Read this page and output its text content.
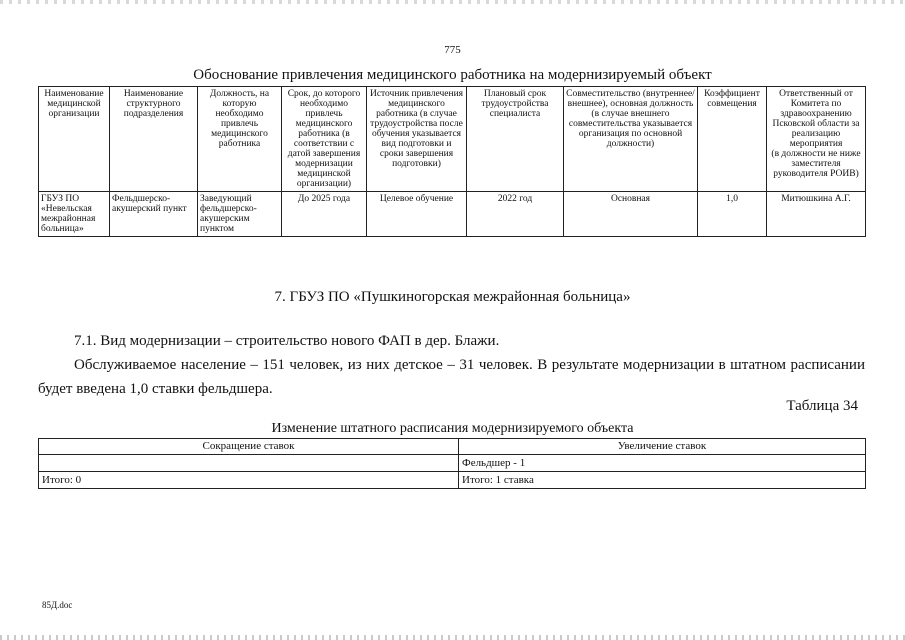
775
Обоснование привлечения медицинского работника на модернизируемый объект
Наименование медицинской организации	Наименование структурного подразделения	Должность, на которую необходимо привлечь медицинского работника	Срок, до которого необходимо привлечь медицинского работника (в соответствии с датой завершения модернизации медицинской организации)	Источник привлечения медицинского работника (в случае трудоустройства после обучения указывается вид подготовки и сроки завершения подготовки)	Плановый срок трудоустройства специалиста	Совместительство (внутреннее/внешнее), основная должность (в случае внешнего совместительства указывается организация по основной должности)	Коэффициент совмещения	Ответственный от Комитета по здравоохранению Псковской области за реализацию мероприятия
(в должности не ниже заместителя руководителя РОИВ)

ГБУЗ ПО «Невельская межрайонная больница»	Фельдшерско-акушерский пункт	Заведующий фельдшерско-акушерским пунктом	До 2025 года	Целевое обучение	2022 год	Основная	1,0	Митюшкина А.Г.
7. ГБУЗ ПО «Пушкиногорская межрайонная больница»
7.1. Вид модернизации – строительство нового ФАП в дер. Блажи.
Обслуживаемое население – 151 человек, из них детское – 31 человек. В результате модернизации в штатном расписании будет введена 1,0 ставки фельдшера.
Таблица 34
Изменение штатного расписания модернизируемого объекта
Сокращение ставок	Увеличение ставок
	Фельдшер - 1
Итого: 0	Итого: 1 ставка
85Д.doc
